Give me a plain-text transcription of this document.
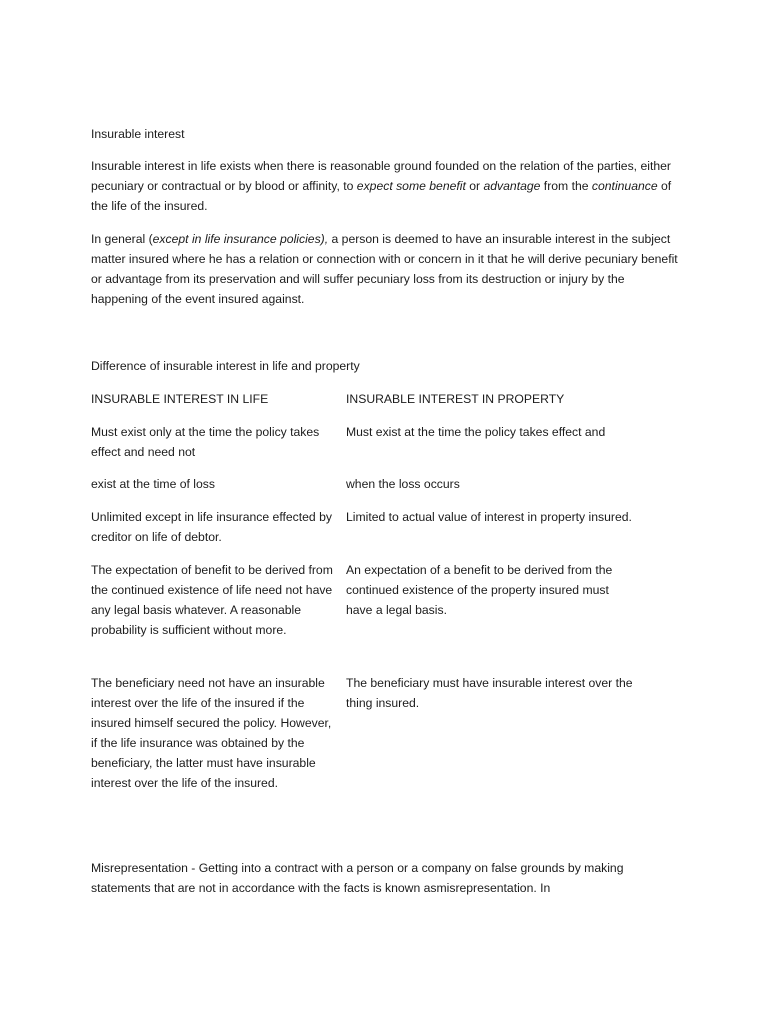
Insurable interest

Insurable interest in life exists when there is reasonable ground founded on the relation of the parties, either pecuniary or contractual or by blood or affinity, to expect some benefit or advantage from the continuance of the life of the insured.

In general (except in life insurance policies), a person is deemed to have an insurable interest in the subject matter insured where he has a relation or connection with or concern in it that he will derive pecuniary benefit or advantage from its preservation and will suffer pecuniary loss from its destruction or injury by the happening of the event insured against.

Difference of insurable interest in life and property

INSURABLE INTEREST IN LIFE	INSURABLE INTEREST IN PROPERTY

Must exist only at the time the policy takes effect and need not

Must exist at the time the policy takes effect and

exist at the time of loss	when the loss occurs

Unlimited except in life insurance effected by creditor on life of debtor.

Limited to actual value of interest in property insured.

The expectation of benefit to be derived from the continued existence of life need not have any legal basis whatever. A reasonable probability is sufficient without more.

An expectation of a benefit to be derived from the continued existence of the property insured must have a legal basis.

The beneficiary need not have an insurable interest over the life of the insured if the insured himself secured the policy. However, if the life insurance was obtained by the beneficiary, the latter must have insurable interest over the life of the insured.

The beneficiary must have insurable interest over the thing insured.

Misrepresentation - Getting into a contract with a person or a company on false grounds by making statements that are not in accordance with the facts is known asmisrepresentation. In
